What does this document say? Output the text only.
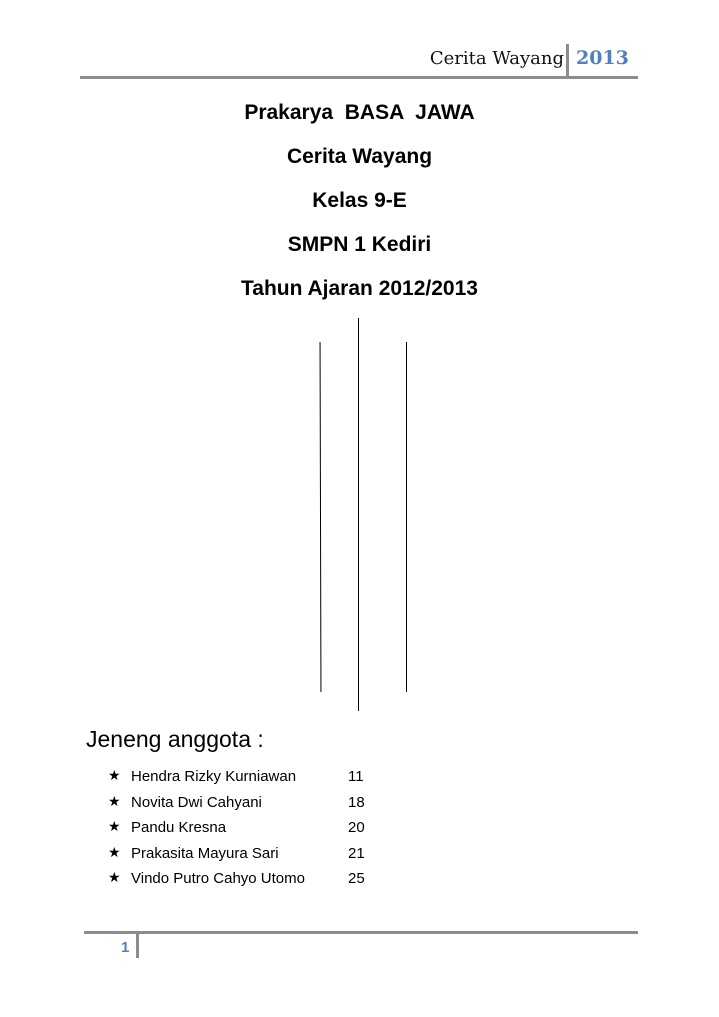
Cerita Wayang 2013
Prakarya  BASA  JAWA
Cerita Wayang
Kelas 9-E
SMPN 1 Kediri
Tahun Ajaran 2012/2013
Jeneng anggota :
★ Hendra Rizky Kurniawan	11
★ Novita Dwi Cahyani	18
★ Pandu Kresna	20
★ Prakasita Mayura Sari	21
★ Vindo Putro Cahyo Utomo	25
1
